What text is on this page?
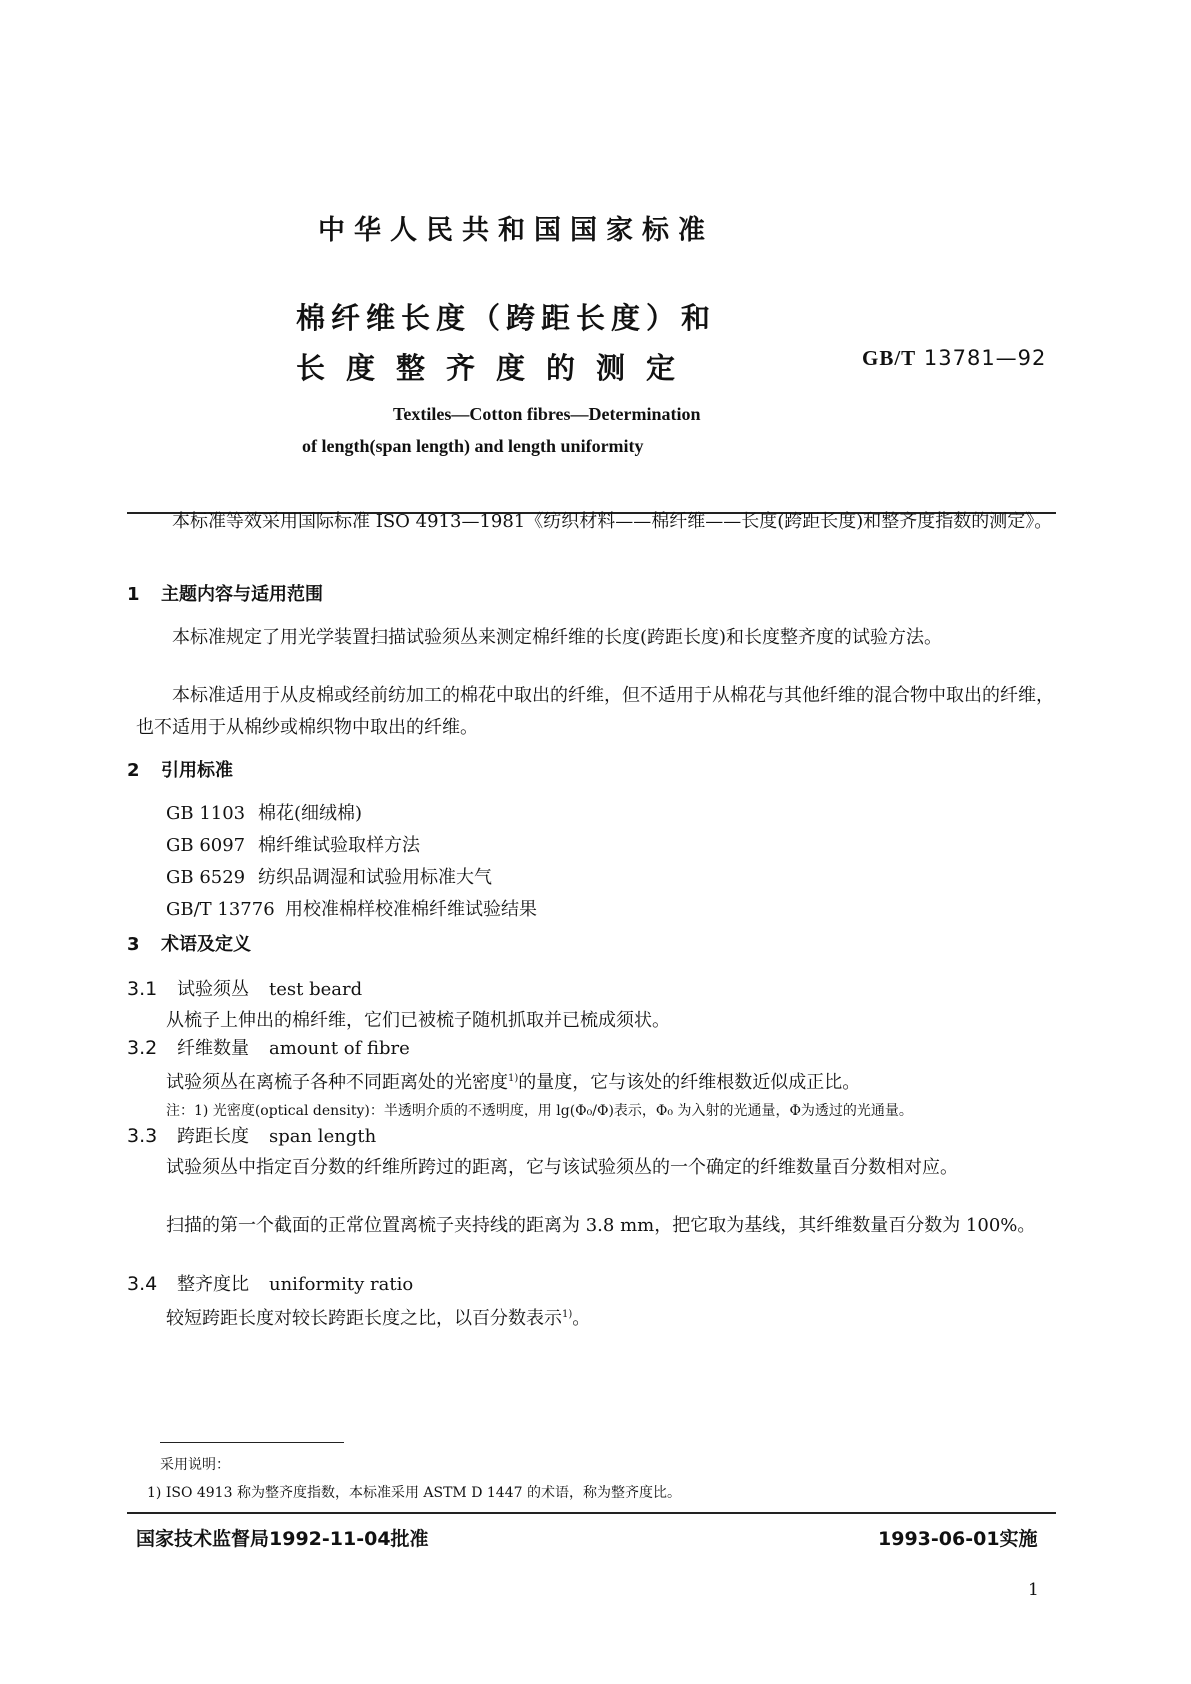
中华人民共和国国家标准
棉纤维长度（跨距长度）和
长度整齐度的测定	GB/T 13781—92
Textiles—Cotton fibres—Determination
of length(span length) and length uniformity
本标准等效采用国际标准 ISO 4913—1981《纺织材料——棉纤维——长度(跨距长度)和整齐度指数的测定》。
1 主题内容与适用范围
本标准规定了用光学装置扫描试验须丛来测定棉纤维的长度(跨距长度)和长度整齐度的试验方法。
本标准适用于从皮棉或经前纺加工的棉花中取出的纤维，但不适用于从棉花与其他纤维的混合物中取出的纤维，也不适用于从棉纱或棉织物中取出的纤维。
2 引用标准
GB 1103 棉花(细绒棉)
GB 6097 棉纤维试验取样方法
GB 6529 纺织品调湿和试验用标准大气
GB/T 13776 用校准棉样校准棉纤维试验结果
3 术语及定义
3.1 试验须丛 test beard
从梳子上伸出的棉纤维，它们已被梳子随机抓取并已梳成须状。
3.2 纤维数量 amount of fibre
试验须丛在离梳子各种不同距离处的光密度$^{1)}$的量度，它与该处的纤维根数近似成正比。
注：1) 光密度(optical density)：半透明介质的不透明度，用 lg(Φ₀/Φ)表示，Φ₀ 为入射的光通量，Φ为透过的光通量。
3.3 跨距长度 span length
试验须丛中指定百分数的纤维所跨过的距离，它与该试验须丛的一个确定的纤维数量百分数相对应。
扫描的第一个截面的正常位置离梳子夹持线的距离为 3.8 mm，把它取为基线，其纤维数量百分数为 100%。
3.4 整齐度比 uniformity ratio
较短跨距长度对较长跨距长度之比，以百分数表示$^{1)}$。
采用说明：
1) ISO 4913 称为整齐度指数，本标准采用 ASTM D 1447 的术语，称为整齐度比。
国家技术监督局1992-11-04批准	1993-06-01实施
1
